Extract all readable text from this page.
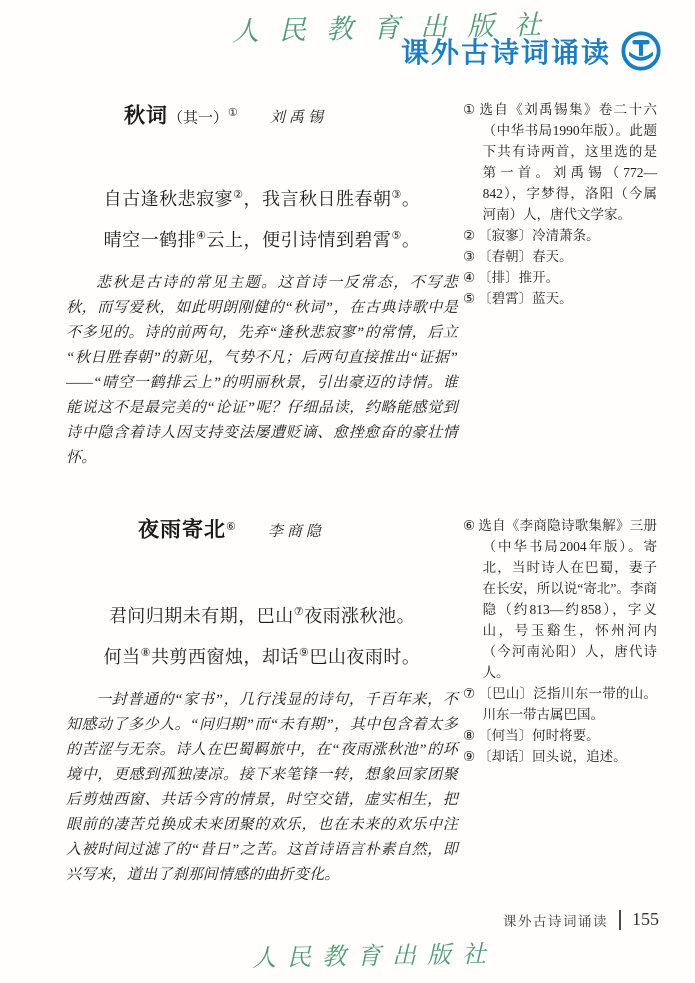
人民教育出版社
课外古诗词诵读
秋词（其一）① 刘禹锡
自古逢秋悲寂寥②，我言秋日胜春朝③。
晴空一鹤排④云上，便引诗情到碧霄⑤。

悲秋是古诗的常见主题。这首诗一反常态，不写悲秋，而写爱秋，如此明朗刚健的“秋词”，在古典诗歌中是不多见的。诗的前两句，先弃“逢秋悲寂寥”的常情，后立“秋日胜春朝”的新见，气势不凡；后两句直接推出“证据”——“晴空一鹤排云上”的明丽秋景，引出豪迈的诗情。谁能说这不是最完美的“论证”呢？仔细品读，约略能感觉到诗中隐含着诗人因支持变法屡遭贬谪、愈挫愈奋的豪壮情怀。

夜雨寄北⑥ 李商隐
君问归期未有期，巴山⑦夜雨涨秋池。
何当⑧共剪西窗烛，却话⑨巴山夜雨时。

一封普通的“家书”，几行浅显的诗句，千百年来，不知感动了多少人。“问归期”而“未有期”，其中包含着太多的苦涩与无奈。诗人在巴蜀羁旅中，在“夜雨涨秋池”的环境中，更感到孤独凄凉。接下来笔锋一转，想象回家团聚后剪烛西窗、共话今宵的情景，时空交错，虚实相生，把眼前的凄苦兑换成未来团聚的欢乐，也在未来的欢乐中注入被时间过滤了的“昔日”之苦。这首诗语言朴素自然，即兴写来，道出了刹那间情感的曲折变化。

① 选自《刘禹锡集》卷二十六（中华书局1990年版）。此题下共有诗两首，这里选的是第一首。刘禹锡（772—842），字梦得，洛阳（今属河南）人，唐代文学家。
② 〔寂寥〕冷清萧条。
③ 〔春朝〕春天。
④ 〔排〕推开。
⑤ 〔碧霄〕蓝天。
⑥ 选自《李商隐诗歌集解》三册（中华书局2004年版）。寄北，当时诗人在巴蜀，妻子在长安，所以说“寄北”。李商隐（约813—约858），字义山，号玉谿生，怀州河内（今河南沁阳）人，唐代诗人。
⑦ 〔巴山〕泛指川东一带的山。川东一带古属巴国。
⑧ 〔何当〕何时将要。
⑨ 〔却话〕回头说，追述。
课外古诗词诵读 155
人民教育出版社
